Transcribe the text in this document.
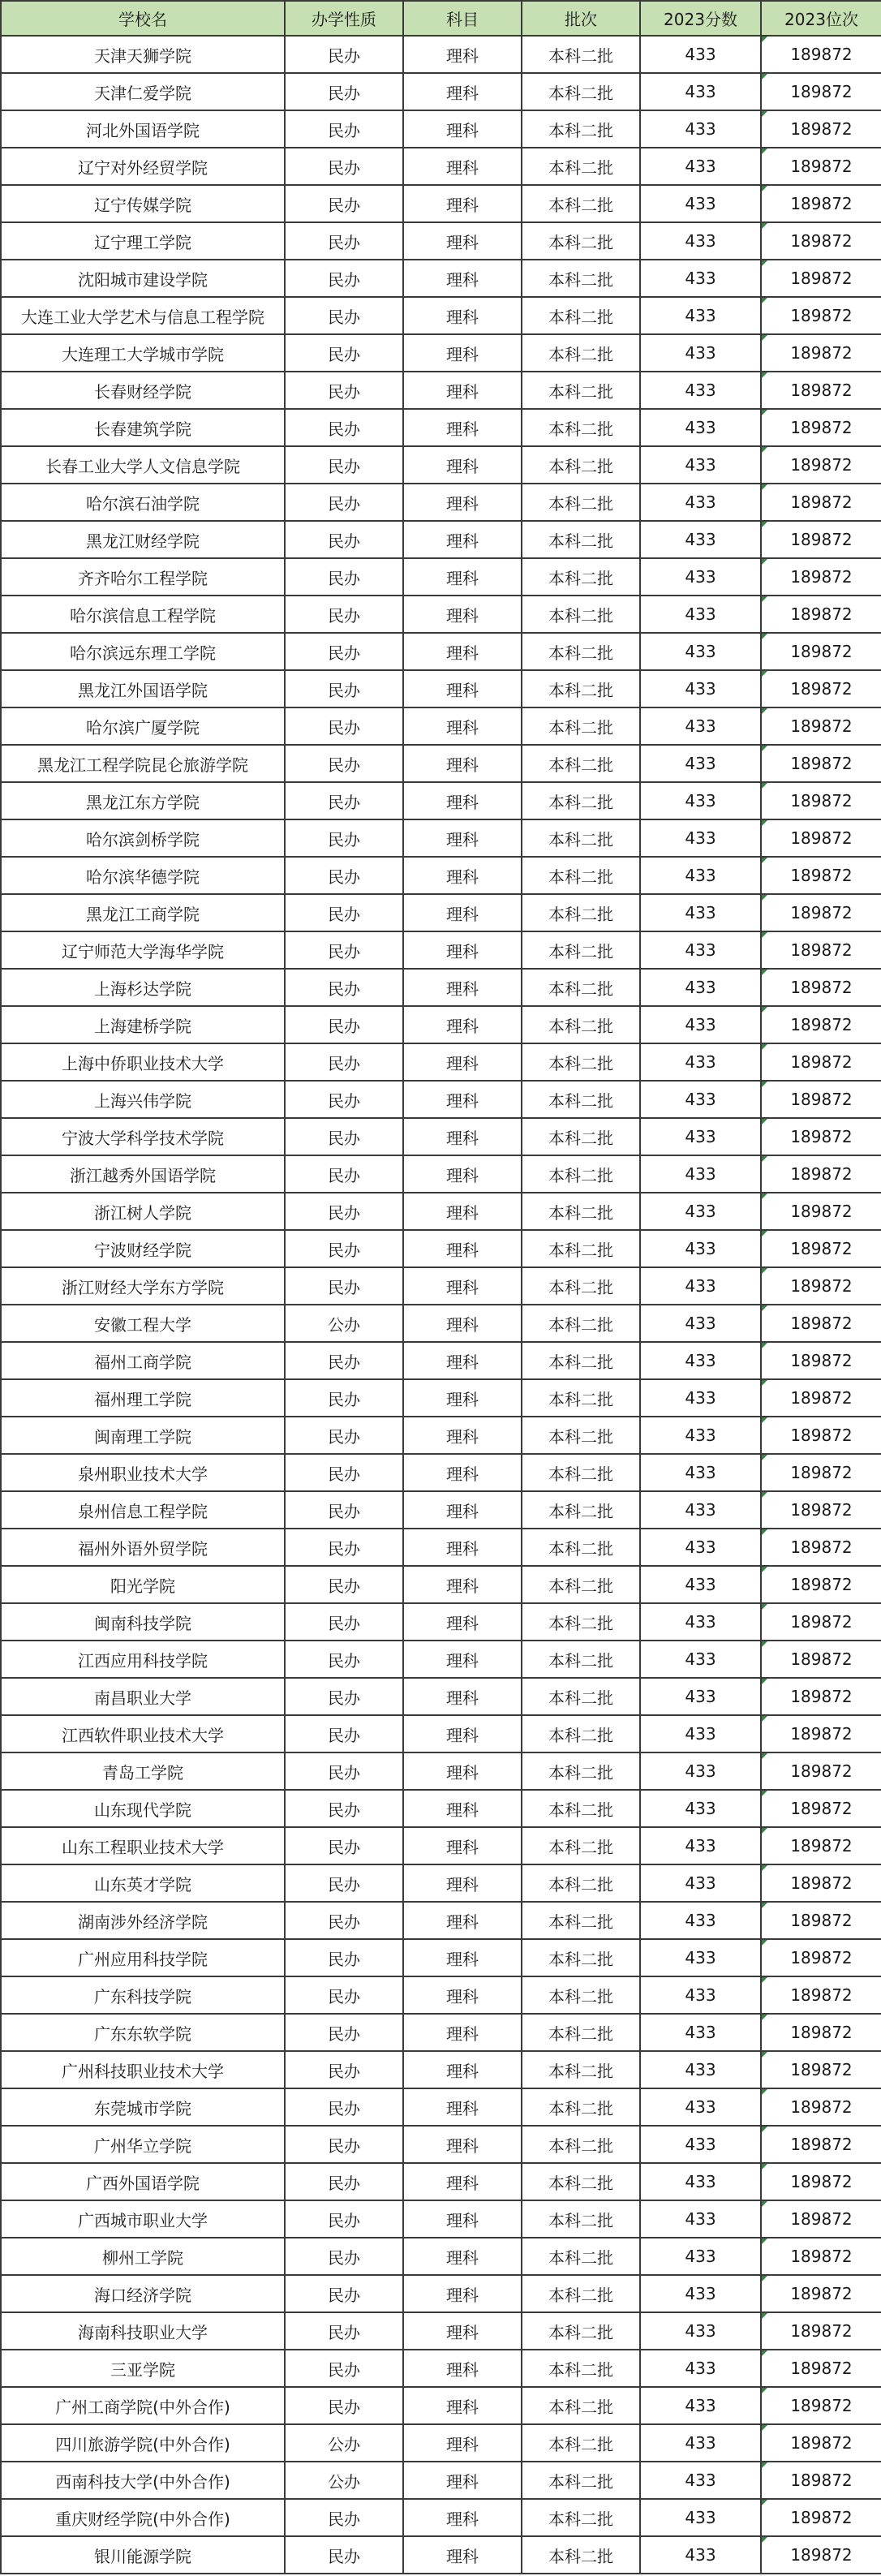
学校名	办学性质	科目	批次	2023分数	2023位次
天津天狮学院	民办	理科	本科二批	433	189872
天津仁爱学院	民办	理科	本科二批	433	189872
河北外国语学院	民办	理科	本科二批	433	189872
辽宁对外经贸学院	民办	理科	本科二批	433	189872
辽宁传媒学院	民办	理科	本科二批	433	189872
辽宁理工学院	民办	理科	本科二批	433	189872
沈阳城市建设学院	民办	理科	本科二批	433	189872
大连工业大学艺术与信息工程学院	民办	理科	本科二批	433	189872
大连理工大学城市学院	民办	理科	本科二批	433	189872
长春财经学院	民办	理科	本科二批	433	189872
长春建筑学院	民办	理科	本科二批	433	189872
长春工业大学人文信息学院	民办	理科	本科二批	433	189872
哈尔滨石油学院	民办	理科	本科二批	433	189872
黑龙江财经学院	民办	理科	本科二批	433	189872
齐齐哈尔工程学院	民办	理科	本科二批	433	189872
哈尔滨信息工程学院	民办	理科	本科二批	433	189872
哈尔滨远东理工学院	民办	理科	本科二批	433	189872
黑龙江外国语学院	民办	理科	本科二批	433	189872
哈尔滨广厦学院	民办	理科	本科二批	433	189872
黑龙江工程学院昆仑旅游学院	民办	理科	本科二批	433	189872
黑龙江东方学院	民办	理科	本科二批	433	189872
哈尔滨剑桥学院	民办	理科	本科二批	433	189872
哈尔滨华德学院	民办	理科	本科二批	433	189872
黑龙江工商学院	民办	理科	本科二批	433	189872
辽宁师范大学海华学院	民办	理科	本科二批	433	189872
上海杉达学院	民办	理科	本科二批	433	189872
上海建桥学院	民办	理科	本科二批	433	189872
上海中侨职业技术大学	民办	理科	本科二批	433	189872
上海兴伟学院	民办	理科	本科二批	433	189872
宁波大学科学技术学院	民办	理科	本科二批	433	189872
浙江越秀外国语学院	民办	理科	本科二批	433	189872
浙江树人学院	民办	理科	本科二批	433	189872
宁波财经学院	民办	理科	本科二批	433	189872
浙江财经大学东方学院	民办	理科	本科二批	433	189872
安徽工程大学	公办	理科	本科二批	433	189872
福州工商学院	民办	理科	本科二批	433	189872
福州理工学院	民办	理科	本科二批	433	189872
闽南理工学院	民办	理科	本科二批	433	189872
泉州职业技术大学	民办	理科	本科二批	433	189872
泉州信息工程学院	民办	理科	本科二批	433	189872
福州外语外贸学院	民办	理科	本科二批	433	189872
阳光学院	民办	理科	本科二批	433	189872
闽南科技学院	民办	理科	本科二批	433	189872
江西应用科技学院	民办	理科	本科二批	433	189872
南昌职业大学	民办	理科	本科二批	433	189872
江西软件职业技术大学	民办	理科	本科二批	433	189872
青岛工学院	民办	理科	本科二批	433	189872
山东现代学院	民办	理科	本科二批	433	189872
山东工程职业技术大学	民办	理科	本科二批	433	189872
山东英才学院	民办	理科	本科二批	433	189872
湖南涉外经济学院	民办	理科	本科二批	433	189872
广州应用科技学院	民办	理科	本科二批	433	189872
广东科技学院	民办	理科	本科二批	433	189872
广东东软学院	民办	理科	本科二批	433	189872
广州科技职业技术大学	民办	理科	本科二批	433	189872
东莞城市学院	民办	理科	本科二批	433	189872
广州华立学院	民办	理科	本科二批	433	189872
广西外国语学院	民办	理科	本科二批	433	189872
广西城市职业大学	民办	理科	本科二批	433	189872
柳州工学院	民办	理科	本科二批	433	189872
海口经济学院	民办	理科	本科二批	433	189872
海南科技职业大学	民办	理科	本科二批	433	189872
三亚学院	民办	理科	本科二批	433	189872
广州工商学院(中外合作)	民办	理科	本科二批	433	189872
四川旅游学院(中外合作)	公办	理科	本科二批	433	189872
西南科技大学(中外合作)	公办	理科	本科二批	433	189872
重庆财经学院(中外合作)	民办	理科	本科二批	433	189872
银川能源学院	民办	理科	本科二批	433	189872
